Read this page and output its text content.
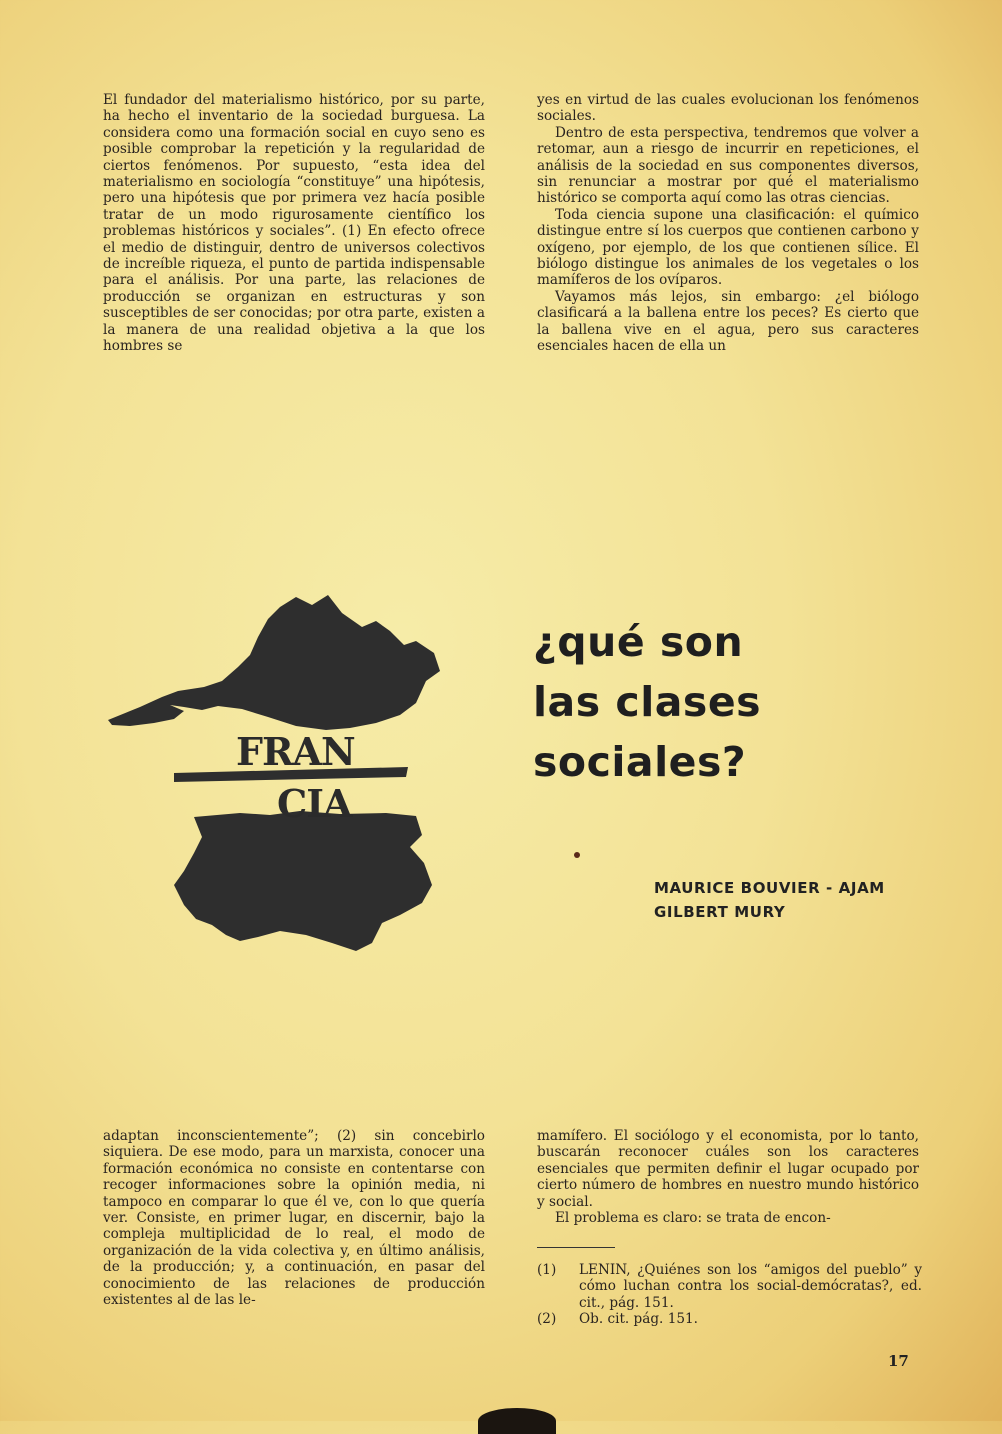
El fundador del materialismo histórico, por su parte, ha hecho el inventario de la sociedad burguesa. La considera como una formación social en cuyo seno es posible comprobar la repetición y la regularidad de ciertos fenómenos. Por supuesto, “esta idea del materialismo en sociología “constituye” una hipótesis, pero una hipótesis que por primera vez hacía posible tratar de un modo rigurosamente científico los problemas históricos y sociales”. (1) En efecto ofrece el medio de distinguir, dentro de universos colectivos de increíble riqueza, el punto de partida indispensable para el análisis. Por una parte, las relaciones de producción se organizan en estructuras y son susceptibles de ser conocidas; por otra parte, existen a la manera de una realidad objetiva a la que los hombres se

yes en virtud de las cuales evolucionan los fenómenos sociales.

Dentro de esta perspectiva, tendremos que volver a retomar, aun a riesgo de incurrir en repeticiones, el análisis de la sociedad en sus componentes diversos, sin renunciar a mostrar por qué el materialismo histórico se comporta aquí como las otras ciencias.

Toda ciencia supone una clasificación: el químico distingue entre sí los cuerpos que contienen carbono y oxígeno, por ejemplo, de los que contienen sílice. El biólogo distingue los animales de los vegetales o los mamíferos de los ovíparos.

Vayamos más lejos, sin embargo: ¿el biólogo clasificará a la ballena entre los peces? Es cierto que la ballena vive en el agua, pero sus caracteres esenciales hacen de ella un

FRAN
CIA
¿qué son
las clases
sociales?
MAURICE BOUVIER - AJAM
GILBERT MURY

adaptan inconscientemente”; (2) sin concebirlo siquiera. De ese modo, para un marxista, conocer una formación económica no consiste en contentarse con recoger informaciones sobre la opinión media, ni tampoco en comparar lo que él ve, con lo que quería ver. Consiste, en primer lugar, en discernir, bajo la compleja multiplicidad de lo real, el modo de organización de la vida colectiva y, en último análisis, de la producción; y, a continuación, en pasar del conocimiento de las relaciones de producción existentes al de las le-

mamífero. El sociólogo y el economista, por lo tanto, buscarán reconocer cuáles son los caracteres esenciales que permiten definir el lugar ocupado por cierto número de hombres en nuestro mundo histórico y social.

El problema es claro: se trata de encon-

(1) LENIN, ¿Quiénes son los “amigos del pueblo” y cómo luchan contra los social-demócratas?, ed. cit., pág. 151.
(2) Ob. cit. pág. 151.
17
